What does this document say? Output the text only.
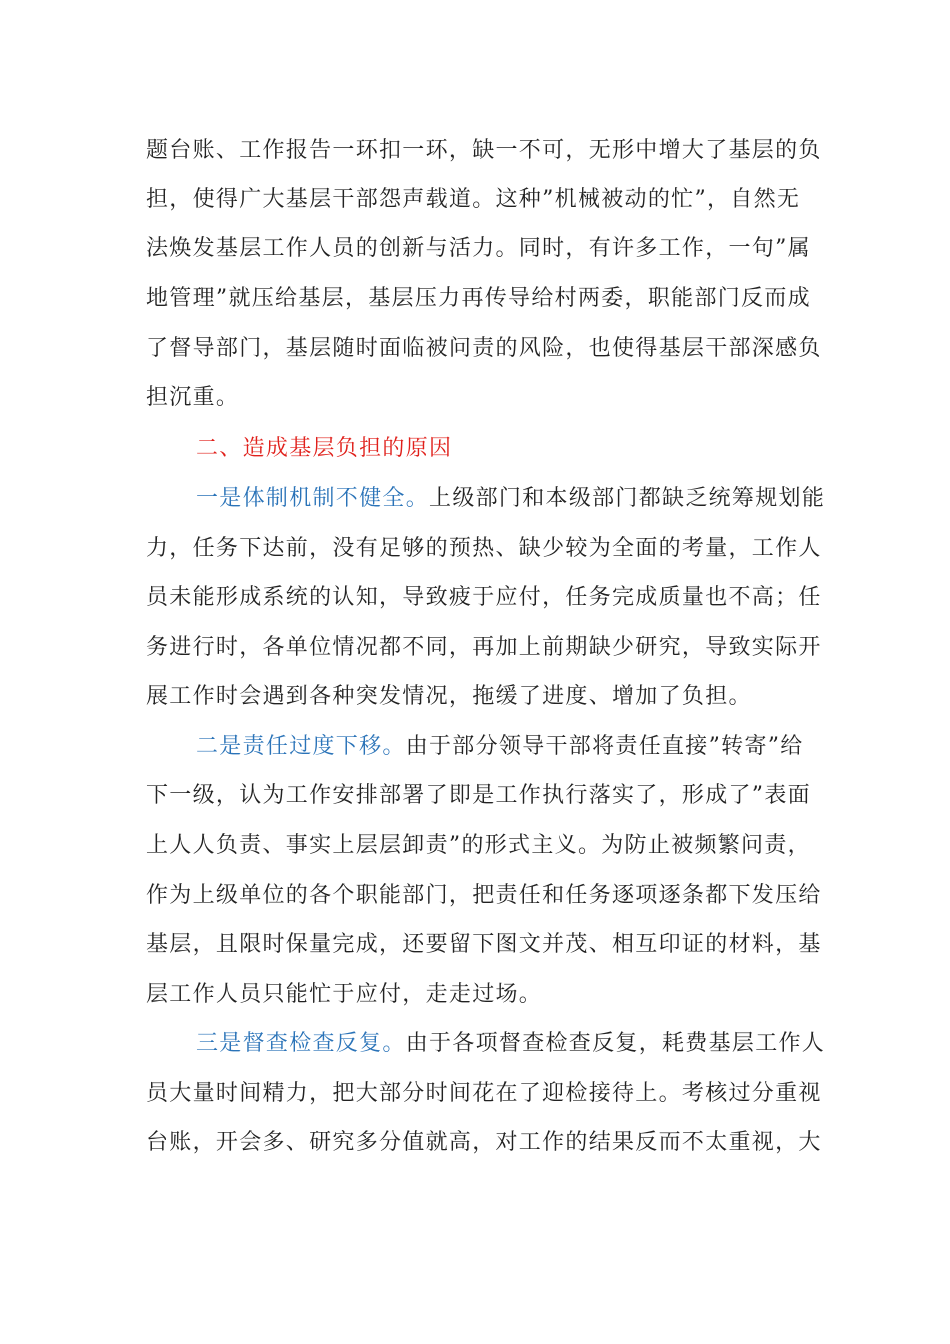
题台账、工作报告一环扣一环，缺一不可，无形中增大了基层的负
担，使得广大基层干部怨声载道。这种”机械被动的忙”，自然无
法焕发基层工作人员的创新与活力。同时，有许多工作，一句”属
地管理”就压给基层，基层压力再传导给村两委，职能部门反而成
了督导部门，基层随时面临被问责的风险，也使得基层干部深感负
担沉重。
二、造成基层负担的原因
一是体制机制不健全。上级部门和本级部门都缺乏统筹规划能
力，任务下达前，没有足够的预热、缺少较为全面的考量，工作人
员未能形成系统的认知，导致疲于应付，任务完成质量也不高；任
务进行时，各单位情况都不同，再加上前期缺少研究，导致实际开
展工作时会遇到各种突发情况，拖缓了进度、增加了负担。
二是责任过度下移。由于部分领导干部将责任直接”转寄”给
下一级，认为工作安排部署了即是工作执行落实了，形成了”表面
上人人负责、事实上层层卸责”的形式主义。为防止被频繁问责，
作为上级单位的各个职能部门，把责任和任务逐项逐条都下发压给
基层，且限时保量完成，还要留下图文并茂、相互印证的材料，基
层工作人员只能忙于应付，走走过场。
三是督查检查反复。由于各项督查检查反复，耗费基层工作人
员大量时间精力，把大部分时间花在了迎检接待上。考核过分重视
台账，开会多、研究多分值就高，对工作的结果反而不太重视，大
